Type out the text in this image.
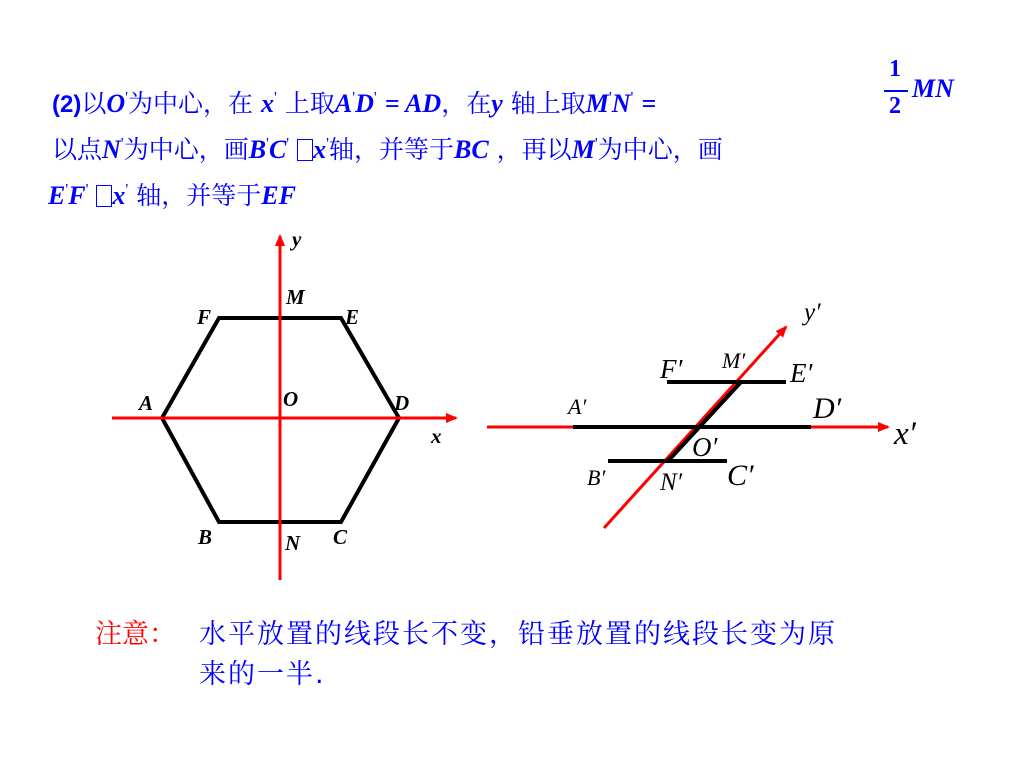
(2)以O'为中心，在 x' 上取A'D' = AD，在y 轴上取M'N' =
1
2
MN
以点N'为中心，画B'C' x'轴，并等于BC ，再以M'为中心，画
E'F' x' 轴，并等于EF
y
M
F	E
A	O	D
x
B	N C
y′
F′ M′ E′
A′	D′
x′
O′
B′ N′ C′
注意： 水平放置的线段长不变，铅垂放置的线段长变为原
来的一半.
